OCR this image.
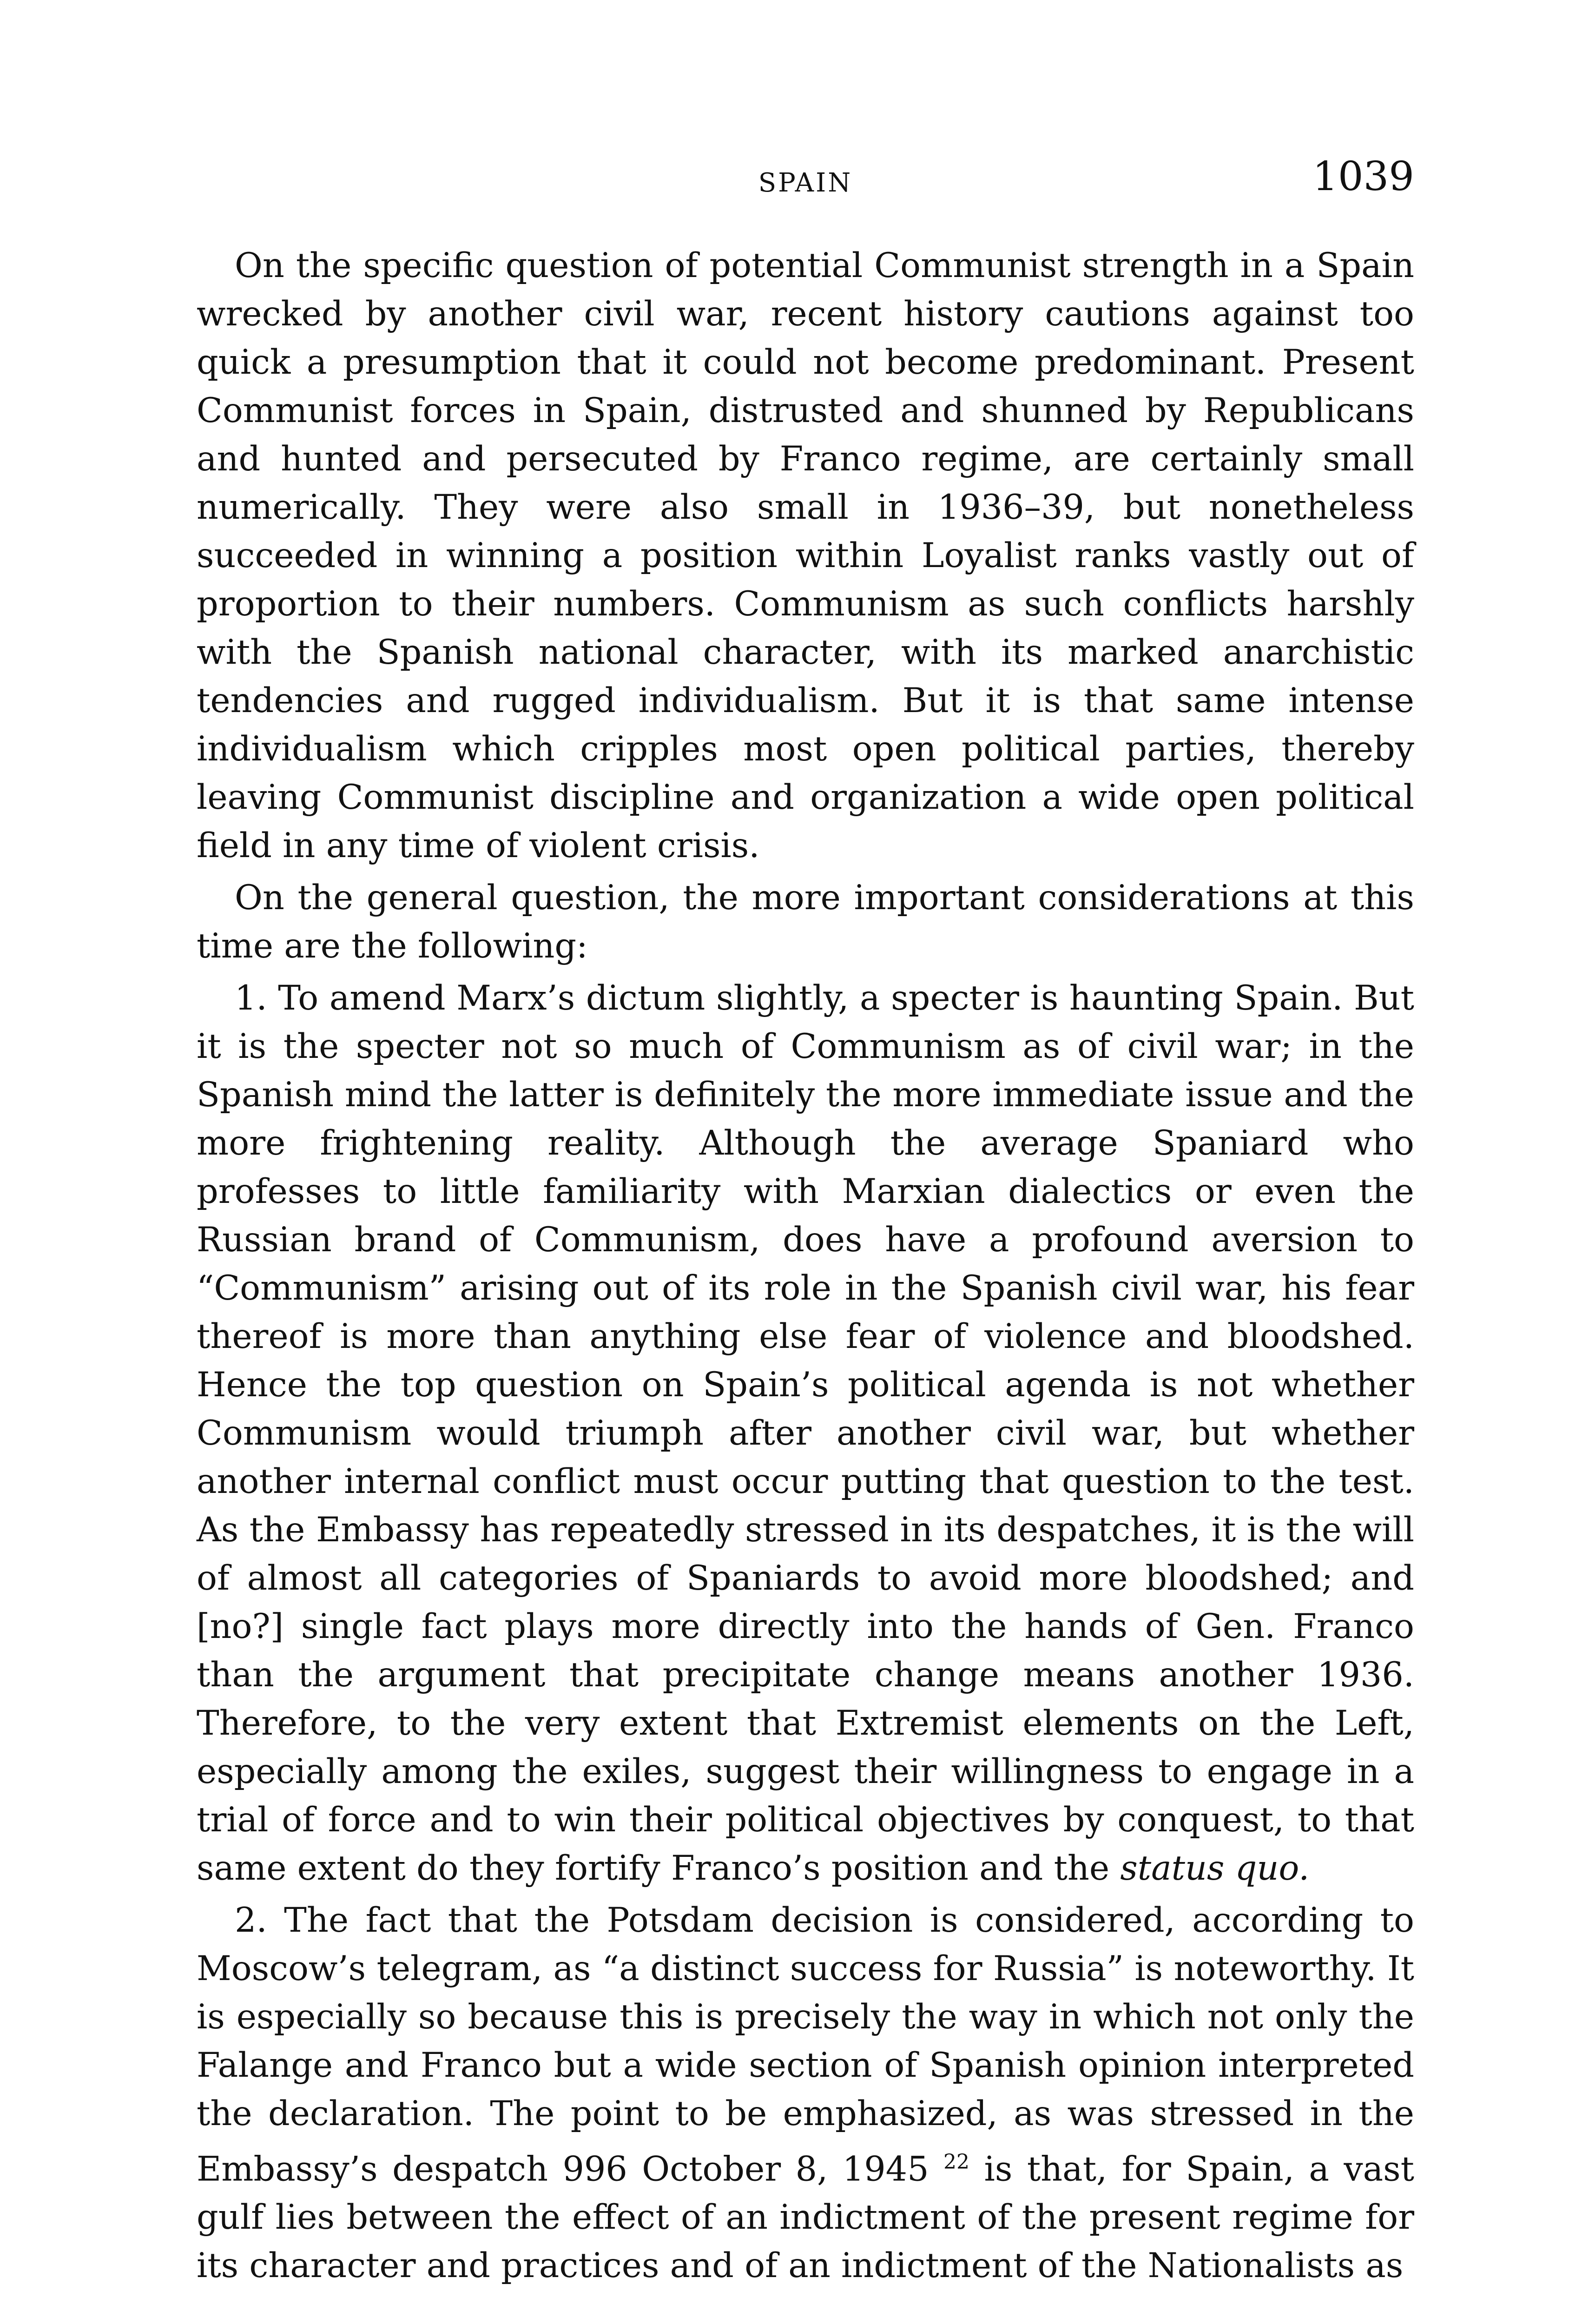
SPAIN	1039

On the specific question of potential Communist strength in a Spain wrecked by another civil war, recent history cautions against too quick a presumption that it could not become predominant. Present Communist forces in Spain, distrusted and shunned by Republicans and hunted and persecuted by Franco regime, are certainly small numerically. They were also small in 1936–39, but nonetheless succeeded in winning a position within Loyalist ranks vastly out of proportion to their numbers. Communism as such conflicts harshly with the Spanish national character, with its marked anarchistic tendencies and rugged individualism. But it is that same intense individualism which cripples most open political parties, thereby leaving Communist discipline and organization a wide open political field in any time of violent crisis.

On the general question, the more important considerations at this time are the following:

1. To amend Marx’s dictum slightly, a specter is haunting Spain. But it is the specter not so much of Communism as of civil war; in the Spanish mind the latter is definitely the more immediate issue and the more frightening reality. Although the average Spaniard who professes to little familiarity with Marxian dialectics or even the Russian brand of Communism, does have a profound aversion to “Communism” arising out of its role in the Spanish civil war, his fear thereof is more than anything else fear of violence and bloodshed. Hence the top question on Spain’s political agenda is not whether Communism would triumph after another civil war, but whether another internal conflict must occur putting that question to the test. As the Embassy has repeatedly stressed in its despatches, it is the will of almost all categories of Spaniards to avoid more bloodshed; and [no?] single fact plays more directly into the hands of Gen. Franco than the argument that precipitate change means another 1936. Therefore, to the very extent that Extremist elements on the Left, especially among the exiles, suggest their willingness to engage in a trial of force and to win their political objectives by conquest, to that same extent do they fortify Franco’s position and the status quo.

2. The fact that the Potsdam decision is considered, according to Moscow’s telegram, as “a distinct success for Russia” is noteworthy. It is especially so because this is precisely the way in which not only the Falange and Franco but a wide section of Spanish opinion interpreted the declaration. The point to be emphasized, as was stressed in the Embassy’s despatch 996 October 8, 1945 $^{22}$ is that, for Spain, a vast gulf lies between the effect of an indictment of the present regime for its character and practices and of an indictment of the Nationalists as
